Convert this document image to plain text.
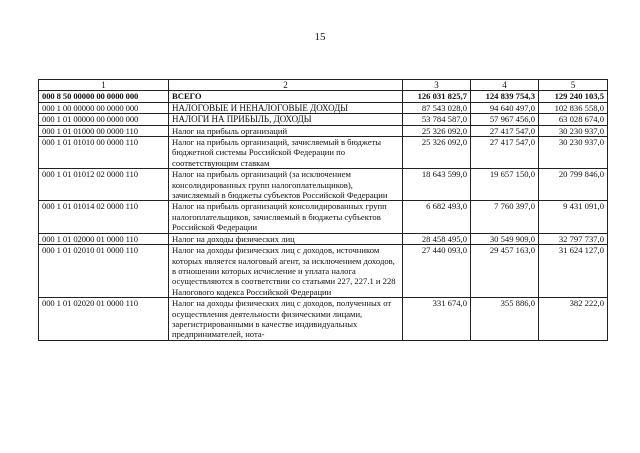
15
1	2	3	4	5
000 8 50 00000 00 0000 000	ВСЕГО	126 031 825,7	124 839 754,3	129 240 103,5
000 1 00 00000 00 0000 000	НАЛОГОВЫЕ И НЕНАЛОГОВЫЕ ДОХОДЫ	87 543 028,0	94 640 497,0	102 836 558,0
000 1 01 00000 00 0000 000	НАЛОГИ НА ПРИБЫЛЬ, ДОХОДЫ	53 784 587,0	57 967 456,0	63 028 674,0
000 1 01 01000 00 0000 110	Налог на прибыль организаций	25 326 092,0	27 417 547,0	30 230 937,0
000 1 01 01010 00 0000 110	Налог на прибыль организаций, зачисляемый в бюджеты бюджетной системы Российской Федерации по соответствующим ставкам	25 326 092,0	27 417 547,0	30 230 937,0
000 1 01 01012 02 0000 110	Налог на прибыль организаций (за исключением консолидированных групп налогоплательщиков), зачисляемый в бюджеты субъектов Российской Федерации	18 643 599,0	19 657 150,0	20 799 846,0
000 1 01 01014 02 0000 110	Налог на прибыль организаций консолидированных групп налогоплательщиков, зачисляемый в бюджеты субъектов Российской Федерации	6 682 493,0	7 760 397,0	9 431 091,0
000 1 01 02000 01 0000 110	Налог на доходы физических лиц	28 458 495,0	30 549 909,0	32 797 737,0
000 1 01 02010 01 0000 110	Налог на доходы физических лиц с доходов, источником которых является налоговый агент, за исключением доходов, в отношении которых исчисление и уплата налога осуществляются в соответствии со статьями 227, 227.1 и 228 Налогового кодекса Российской Федерации	27 440 093,0	29 457 163,0	31 624 127,0
000 1 01 02020 01 0000 110	Налог на доходы физических лиц с доходов, полученных от осуществления деятельности физическими лицами, зарегистрированными в качестве индивидуальных предпринимателей, нота-	331 674,0	355 886,0	382 222,0
